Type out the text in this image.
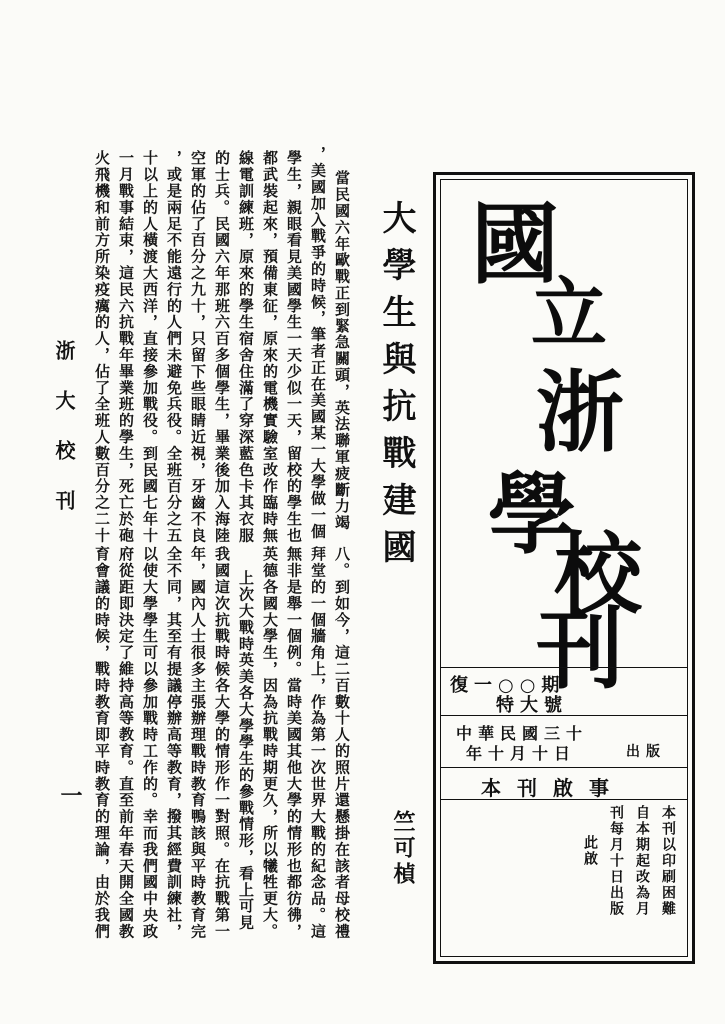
浙大校刊
一
大學生與抗戰建國
竺可楨
當民國六年歐戰正到緊急關頭，英法聯軍疲斷力竭
，美國加入戰爭的時候，筆者正在美國某一大學做一個
學生，親眼看見美國學生一天少似一天，留校的學生也
都武裝起來，預備東征，原來的電機實驗室改作臨時無
線電訓練班，原來的學生宿舍住滿了穿深藍色卡其衣服
的士兵。民國六年那班六百多個學生，畢業後加入海陸
空軍的佔了百分之九十，只留下些眼睛近視，牙齒不良
，或是兩足不能遠行的人們未避免兵役。全班百分之五
十以上的人橫渡大西洋，直接參加戰役。到民國七年十
一月戰事結束，這民六抗戰年畢業班的學生，死亡於砲
火飛機和前方所染疫癘的人，佔了全班人數百分之二十
八。到如今，這二百數十人的照片還懸掛在該者母校禮
拜堂的一個牆角上，作為第一次世界大戰的紀念品。這
無非是舉一個例。當時美國其他大學的情形也都彷彿，
英德各國大學生，因為抗戰時期更久，所以犧牲更大。
上次大戰時英美各大學學生的參戰情形，看上可見
我國這次抗戰時候各大學的情形作一對照。在抗戰第一
年，國內人士很多主張辦理戰時教育鴨該與平時教育完
全不同，其至有提議停辦高等教育，撥其經費訓練社，
以使大學學生可以參加戰時工作的。幸而我們國中央政
府從距即決定了維持高等教育。直至前年春天開全國教
育會議的時候，戰時教育即平時教育的理論，由於我們
國
立
浙
學
校
刊
復一○○期
特大號
中華民國三十
年十月十日	出版
本刊啟事
本刊以印刷困難
自本期起改為月
刊每月十日出版
此啟
